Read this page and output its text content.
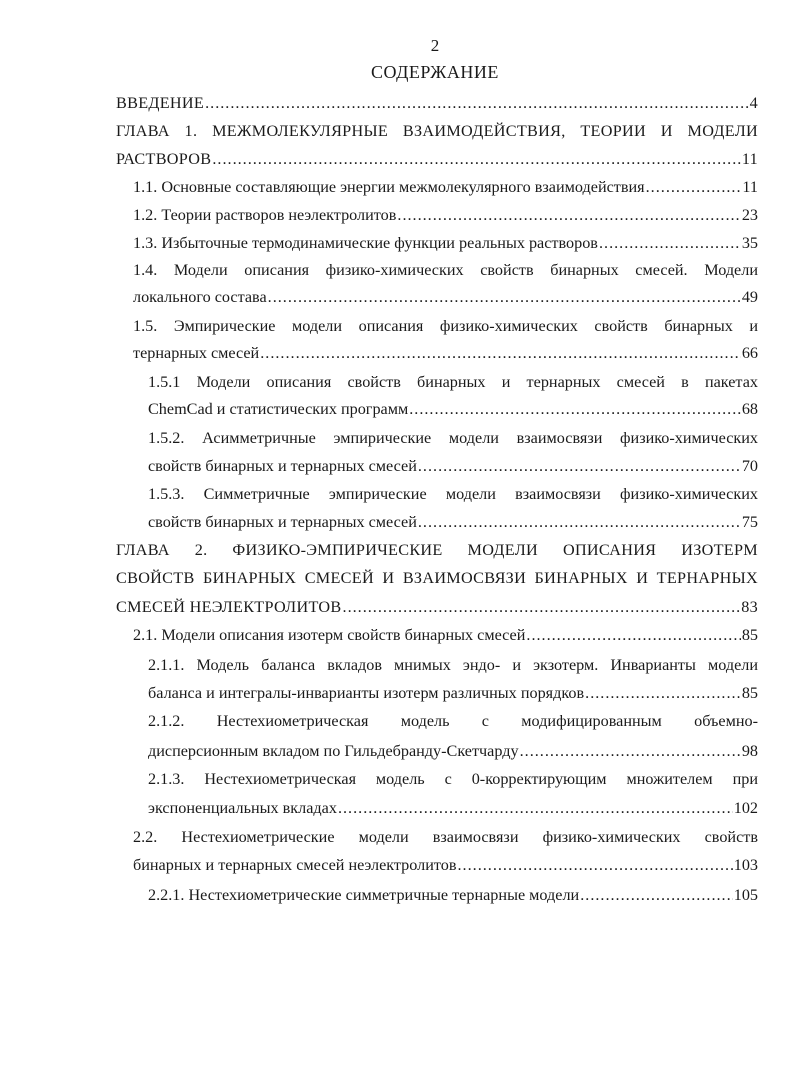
2
СОДЕРЖАНИЕ
ВВЕДЕНИЕ .....	4
ГЛАВА 1. МЕЖМОЛЕКУЛЯРНЫЕ ВЗАИМОДЕЙСТВИЯ, ТЕОРИИ И МОДЕЛИ
РАСТВОРОВ .....	11
1.1. Основные составляющие энергии межмолекулярного взаимодействия .....	11
1.2. Теории растворов неэлектролитов .....	23
1.3. Избыточные термодинамические функции реальных растворов .....	35
1.4. Модели описания физико-химических свойств бинарных смесей. Модели
локального состава .....	49
1.5. Эмпирические модели описания физико-химических свойств бинарных и
тернарных смесей .....	66
1.5.1 Модели описания свойств бинарных и тернарных смесей в пакетах
ChemCad и статистических программ .....	68
1.5.2. Асимметричные эмпирические модели взаимосвязи физико-химических
свойств бинарных и тернарных смесей .....	70
1.5.3. Симметричные эмпирические модели взаимосвязи физико-химических
свойств бинарных и тернарных смесей .....	75
ГЛАВА 2. ФИЗИКО-ЭМПИРИЧЕСКИЕ МОДЕЛИ ОПИСАНИЯ ИЗОТЕРМ
СВОЙСТВ БИНАРНЫХ СМЕСЕЙ И ВЗАИМОСВЯЗИ БИНАРНЫХ И ТЕРНАРНЫХ
СМЕСЕЙ НЕЭЛЕКТРОЛИТОВ .....	83
2.1. Модели описания изотерм свойств бинарных смесей .....	85
2.1.1. Модель баланса вкладов мнимых эндо- и экзотерм. Инварианты модели
баланса и интегралы-инварианты изотерм различных порядков .....	85
2.1.2. Нестехиометрическая модель с модифицированным объемно-
дисперсионным вкладом по Гильдебранду-Скетчарду .....	98
2.1.3. Нестехиометрическая модель с 0-корректирующим множителем при
экспоненциальных вкладах .....	102
2.2. Нестехиометрические модели взаимосвязи физико-химических свойств
бинарных и тернарных смесей неэлектролитов .....	103
2.2.1. Нестехиометрические симметричные тернарные модели .....	105
